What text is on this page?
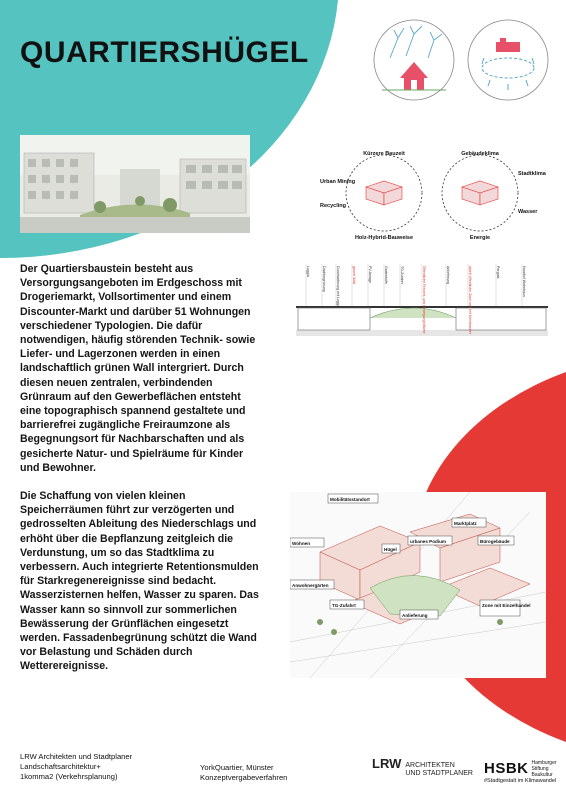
QUARTIERSHÜGEL
Kürzere Bauzeit	Gebäudeklima
Urban Mining
Stadtklima
Recycling
Wasser
Holz-Hybrid-Bauweise	Energie
Loggia	Dachbegrünung	Durchwohnung mit Loggia	grüner Wall	PV-Anlage	Gartenhöfe	TG-Zufahrt	Öffentliche Freizeit- und Bewegungsfläche	Anlieferung	ladeñ öffentliche Zone wer mit Kleinhandel	Pergola	Nordhof Wohnhaus
Mobilitätsstandort
Marktplatz
Wohnen	urbanes Podium	Bürogebäude
Hügel
Anwohnergärten
TG-Zufahrt
Anlieferung
Zone mit Einzelhandel

Der Quartiersbaustein besteht aus Versorgungsangeboten im Erdgeschoss mit Drogeriemarkt, Vollsortimenter und einem Discounter-Markt und darüber 51 Wohnungen verschiedener Typologien. Die dafür notwendigen, häufig störenden Technik- sowie Liefer- und Lagerzonen werden in einen landschaftlich grünen Wall intergriert. Durch diesen neuen zentralen, verbindenden Grünraum auf den Gewerbeflächen entsteht eine topographisch spannend gestaltete und barrierefrei zugängliche Freiraumzone als Begegnungsort für Nachbarschaften und als gesicherte Natur- und Spielräume für Kinder und Bewohner.

Die Schaffung von vielen kleinen Speicherräumen führt zur verzögerten und gedrosselten Ableitung des Niederschlags und erhöht über die Bepflanzung zeitgleich die Verdunstung, um so das Stadtklima zu verbessern. Auch integrierte Retentionsmulden für Starkregenereignisse sind bedacht. Wasserzisternen helfen, Wasser zu sparen. Das Wasser kann so sinnvoll zur sommerlichen Bewässerung der Grünflächen eingesetzt werden. Fassadenbegrünung schützt die Wand vor Belastung und Schäden durch Wetterereignisse.

LRW Architekten und Stadtplaner
Landschaftsarchitektur+
1komma2 (Verkehrsplanung)
YorkQuartier, Münster
Konzeptvergabeverfahren
LRW ARCHITEKTEN
UND STADTPLANER HSBK Hamburger
Stiftung
Baukultur
#Stadtgestalt im Klimawandel
